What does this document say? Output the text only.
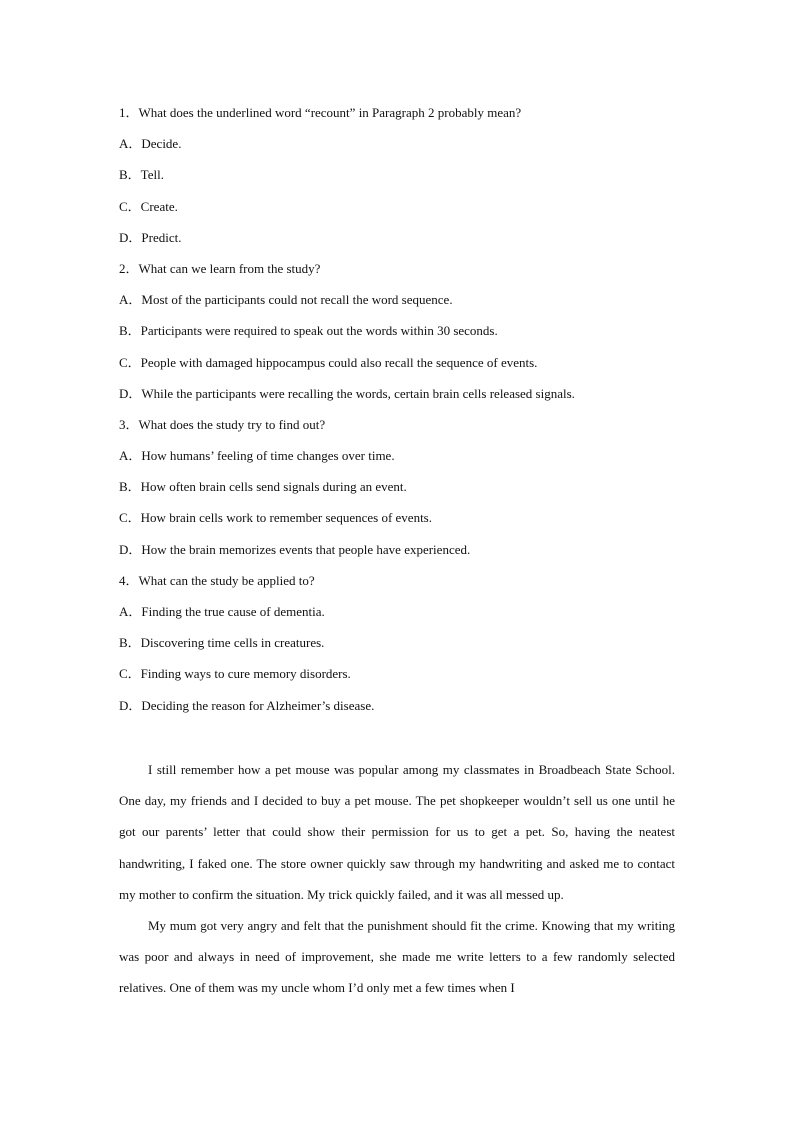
1．What does the underlined word “recount” in Paragraph 2 probably mean?
A．Decide.
B．Tell.
C．Create.
D．Predict.
2．What can we learn from the study?
A．Most of the participants could not recall the word sequence.
B．Participants were required to speak out the words within 30 seconds.
C．People with damaged hippocampus could also recall the sequence of events.
D．While the participants were recalling the words, certain brain cells released signals.
3．What does the study try to find out?
A．How humans’ feeling of time changes over time.
B．How often brain cells send signals during an event.
C．How brain cells work to remember sequences of events.
D．How the brain memorizes events that people have experienced.
4．What can the study be applied to?
A．Finding the true cause of dementia.
B．Discovering time cells in creatures.
C．Finding ways to cure memory disorders.
D．Deciding the reason for Alzheimer’s disease.

I still remember how a pet mouse was popular among my classmates in Broadbeach State School. One day, my friends and I decided to buy a pet mouse. The pet shopkeeper wouldn’t sell us one until he got our parents’ letter that could show their permission for us to get a pet. So, having the neatest handwriting, I faked one. The store owner quickly saw through my handwriting and asked me to contact my mother to confirm the situation. My trick quickly failed, and it was all messed up.

My mum got very angry and felt that the punishment should fit the crime. Knowing that my writing was poor and always in need of improvement, she made me write letters to a few randomly selected relatives. One of them was my uncle whom I’d only met a few times when I
